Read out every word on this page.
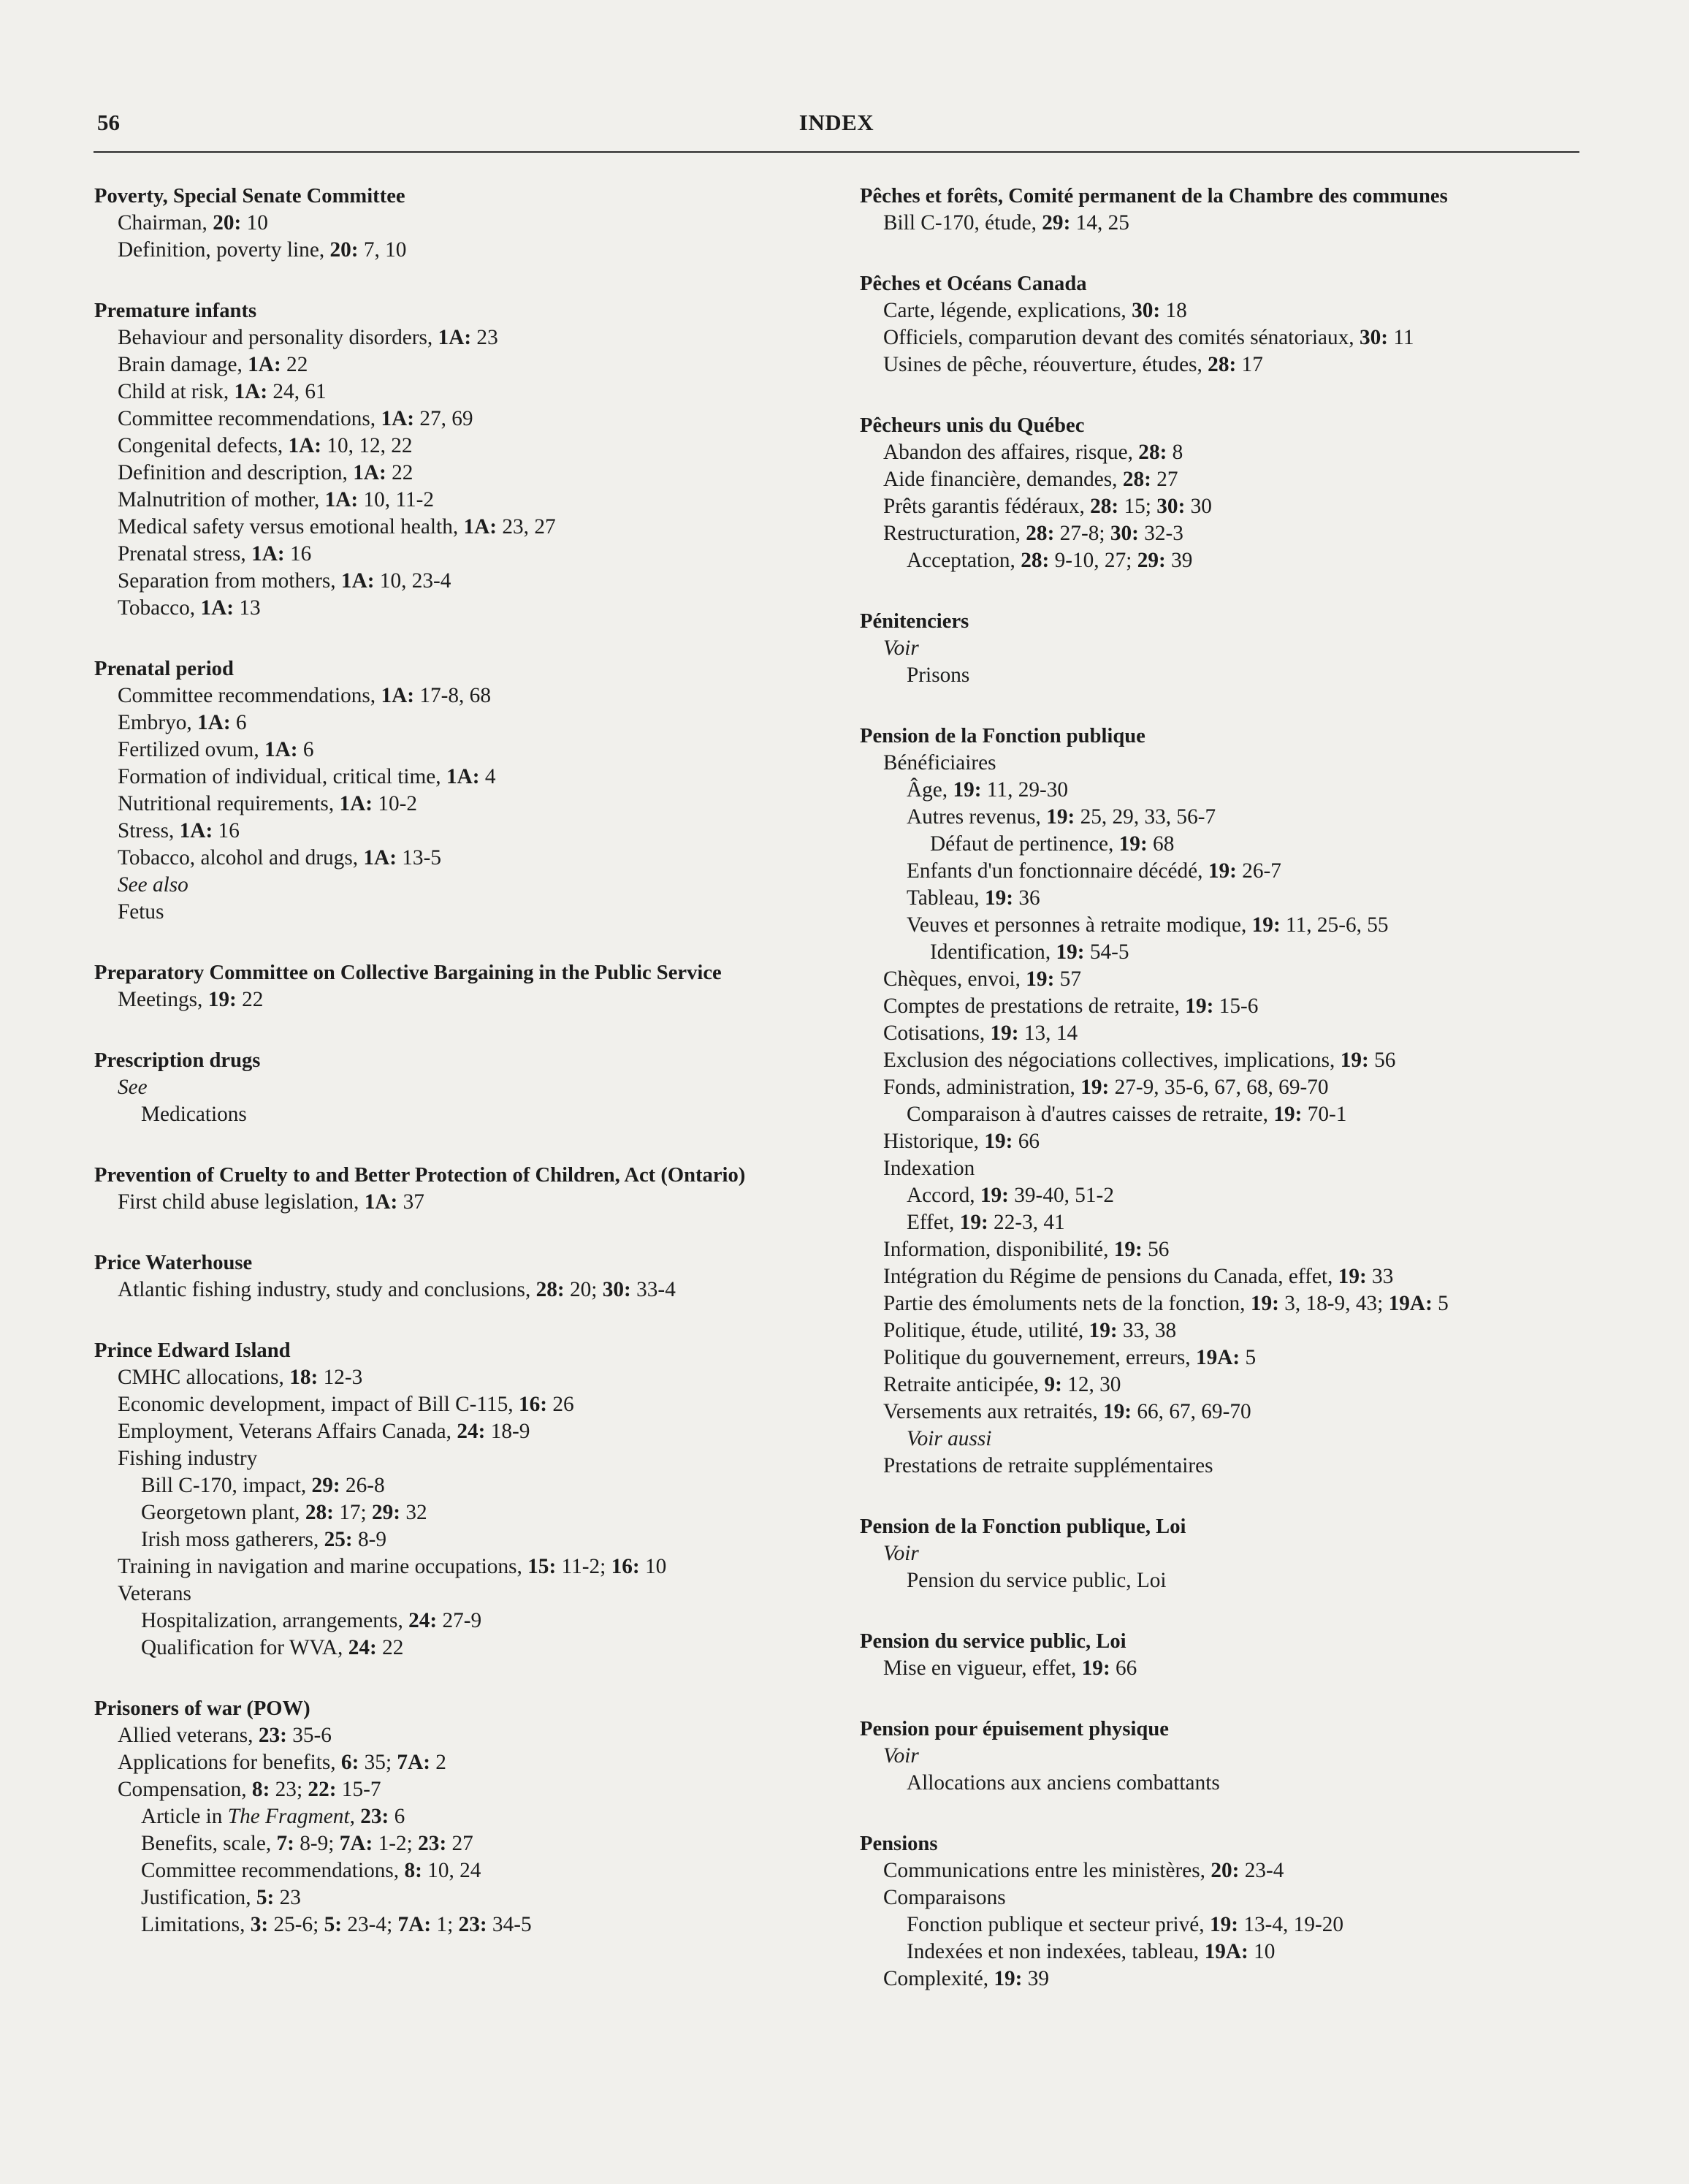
56	INDEX
Poverty, Special Senate Committee
Chairman, 20: 10
Definition, poverty line, 20: 7, 10
Premature infants
Behaviour and personality disorders, 1A: 23
Brain damage, 1A: 22
Child at risk, 1A: 24, 61
Committee recommendations, 1A: 27, 69
Congenital defects, 1A: 10, 12, 22
Definition and description, 1A: 22
Malnutrition of mother, 1A: 10, 11-2
Medical safety versus emotional health, 1A: 23, 27
Prenatal stress, 1A: 16
Separation from mothers, 1A: 10, 23-4
Tobacco, 1A: 13
Prenatal period
Committee recommendations, 1A: 17-8, 68
Embryo, 1A: 6
Fertilized ovum, 1A: 6
Formation of individual, critical time, 1A: 4
Nutritional requirements, 1A: 10-2
Stress, 1A: 16
Tobacco, alcohol and drugs, 1A: 13-5
See also
Fetus
Preparatory Committee on Collective Bargaining in the Public Service
Meetings, 19: 22
Prescription drugs
See
Medications
Prevention of Cruelty to and Better Protection of Children, Act (Ontario)
First child abuse legislation, 1A: 37
Price Waterhouse
Atlantic fishing industry, study and conclusions, 28: 20; 30: 33-4
Prince Edward Island
CMHC allocations, 18: 12-3
Economic development, impact of Bill C-115, 16: 26
Employment, Veterans Affairs Canada, 24: 18-9
Fishing industry
Bill C-170, impact, 29: 26-8
Georgetown plant, 28: 17; 29: 32
Irish moss gatherers, 25: 8-9
Training in navigation and marine occupations, 15: 11-2; 16: 10
Veterans
Hospitalization, arrangements, 24: 27-9
Qualification for WVA, 24: 22
Prisoners of war (POW)
Allied veterans, 23: 35-6
Applications for benefits, 6: 35; 7A: 2
Compensation, 8: 23; 22: 15-7
Article in The Fragment, 23: 6
Benefits, scale, 7: 8-9; 7A: 1-2; 23: 27
Committee recommendations, 8: 10, 24
Justification, 5: 23
Limitations, 3: 25-6; 5: 23-4; 7A: 1; 23: 34-5
Pêches et forêts, Comité permanent de la Chambre des communes
Bill C-170, étude, 29: 14, 25
Pêches et Océans Canada
Carte, légende, explications, 30: 18
Officiels, comparution devant des comités sénatoriaux, 30: 11
Usines de pêche, réouverture, études, 28: 17
Pêcheurs unis du Québec
Abandon des affaires, risque, 28: 8
Aide financière, demandes, 28: 27
Prêts garantis fédéraux, 28: 15; 30: 30
Restructuration, 28: 27-8; 30: 32-3
Acceptation, 28: 9-10, 27; 29: 39
Pénitenciers
Voir
Prisons
Pension de la Fonction publique
Bénéficiaires
Âge, 19: 11, 29-30
Autres revenus, 19: 25, 29, 33, 56-7
Défaut de pertinence, 19: 68
Enfants d'un fonctionnaire décédé, 19: 26-7
Tableau, 19: 36
Veuves et personnes à retraite modique, 19: 11, 25-6, 55
Identification, 19: 54-5
Chèques, envoi, 19: 57
Comptes de prestations de retraite, 19: 15-6
Cotisations, 19: 13, 14
Exclusion des négociations collectives, implications, 19: 56
Fonds, administration, 19: 27-9, 35-6, 67, 68, 69-70
Comparaison à d'autres caisses de retraite, 19: 70-1
Historique, 19: 66
Indexation
Accord, 19: 39-40, 51-2
Effet, 19: 22-3, 41
Information, disponibilité, 19: 56
Intégration du Régime de pensions du Canada, effet, 19: 33
Partie des émoluments nets de la fonction, 19: 3, 18-9, 43; 19A: 5
Politique, étude, utilité, 19: 33, 38
Politique du gouvernement, erreurs, 19A: 5
Retraite anticipée, 9: 12, 30
Versements aux retraités, 19: 66, 67, 69-70
Voir aussi
Prestations de retraite supplémentaires
Pension de la Fonction publique, Loi
Voir
Pension du service public, Loi
Pension du service public, Loi
Mise en vigueur, effet, 19: 66
Pension pour épuisement physique
Voir
Allocations aux anciens combattants
Pensions
Communications entre les ministères, 20: 23-4
Comparaisons
Fonction publique et secteur privé, 19: 13-4, 19-20
Indexées et non indexées, tableau, 19A: 10
Complexité, 19: 39
